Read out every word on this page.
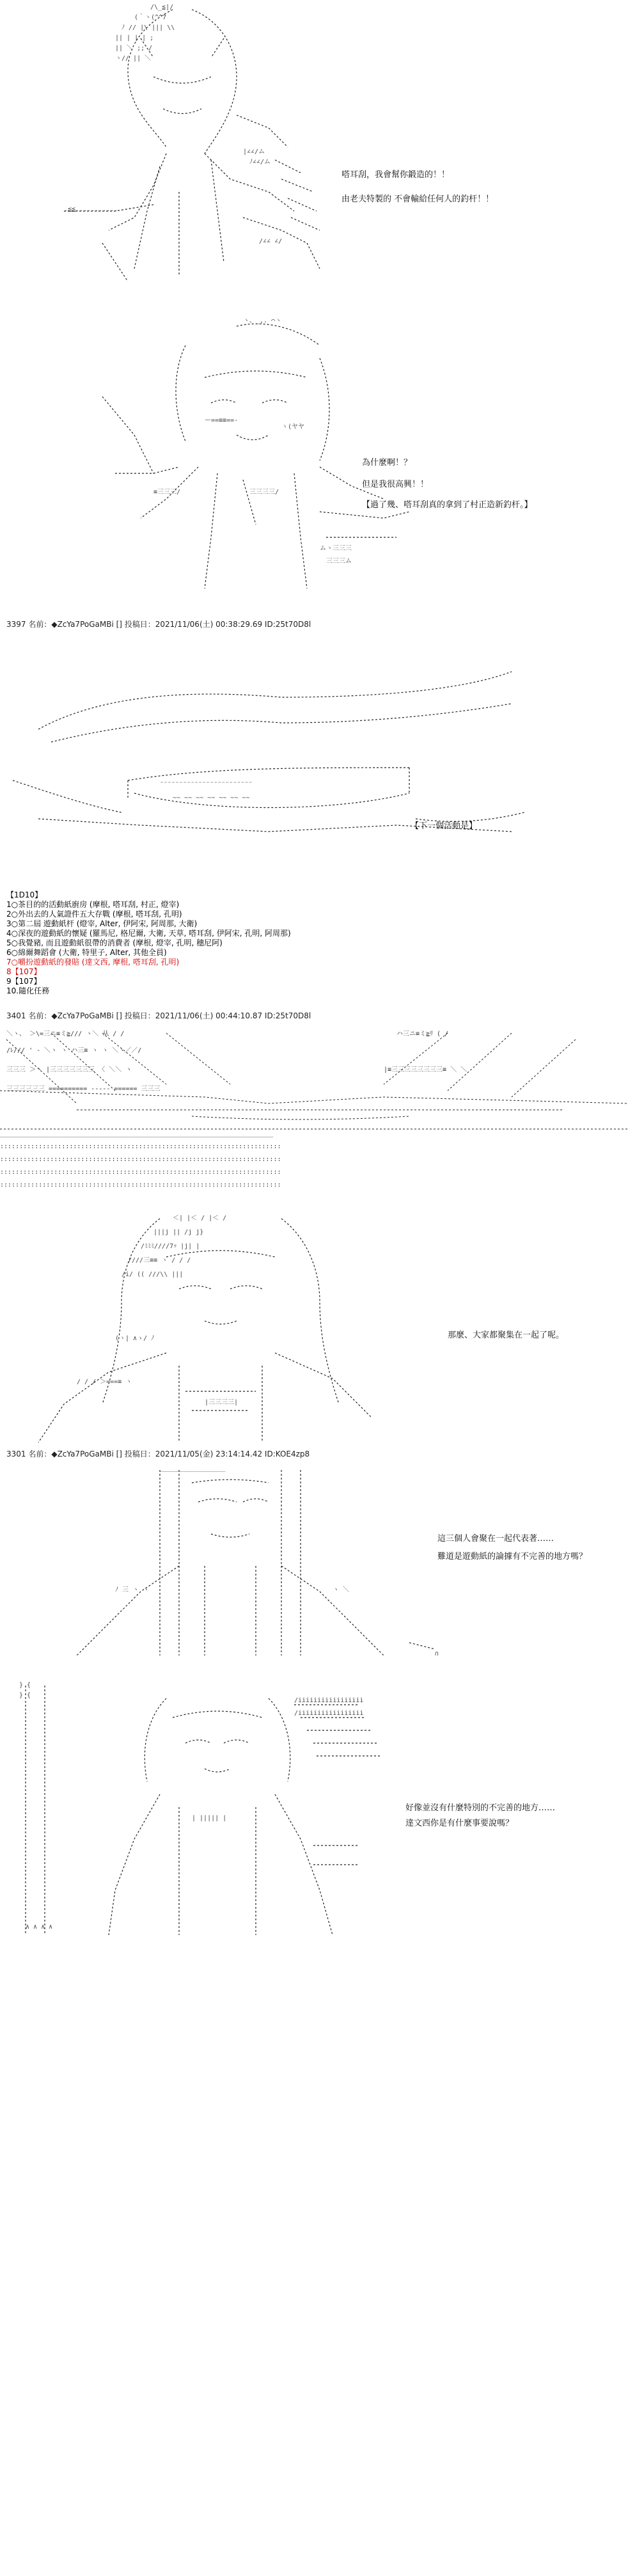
/\_≦|/
(｀ヽ(^^7
ﾉ // |\ ||| \\
|| | | | ;
|| ＼ ;; /
ヽ// || ＼
|∠∠/ム
ﾉ∠∠/ム
.≦≦...........
/∠∠ ∠/
嗒耳刮，我會幫你鍛造的！！
由老夫特製的 不會輸給任何人的釣杆！！
ヽ、_,. ⌒ヽ
ー==≡≡==-
ヽ(ヤヤ
≡三三三/	三三三三/
ムヽ三三三
三三三ム
為什麼啊！？
但是我很高興！！
【過了幾、嗒耳刮真的拿到了村正造新釣杆。】
3397 名前：◆ZcYa7PoGaMBi [] 投稿日：2021/11/06(土) 00:38:29.69 ID:25t70D8l
¨¨¨¨¨¨¨¨¨¨¨¨¨¨¨¨¨¨¨¨¨¨¨¨
~~ ~~ ~~ ~~ ~~ ~~ ~~
【下一個活動是】
【1D10】
1○茶目的的活動紙廚房 (摩根, 嗒耳刮, 村正, 燈宰)
2○外出去的人氣證件五大存戰 (摩根, 嗒耳刮, 孔明)
3○第二屆 遊動紙杆 (燈宰, Alter, 伊阿宋, 阿周那, 大衛)
4○深夜的遊動紙的懷疑 (羅馬尼, 格尼爾, 大衛, 天草, 嗒耳刮, 伊阿宋, 孔明, 阿周那)
5○我覺豬, 而且遊動紙很帶的消費者 (摩根, 燈宰, 孔明, 穗尼阿)
6○綿爾舞蹈會 (大衛, 特里子, Alter, 其他全員)
7○嚼扮遊動紙的發賠 (達文西, 摩根, 嗒耳刮, 孔明)
8【107】
9【107】
10.隨化任務
3401 名前：◆ZcYa7PoGaMBi [] 投稿日：2021/11/06(土) 00:44:10.87 ID:25t70D8l
＼ヽ、 ＞\=三ニ≡ミ≧/// ヽ＼ 从 / /	ハ三ニ≡ミ≧ﾘ ( /
/ﾚ/// ' - ＼ヽ ヽ ハ三≡ ヽ ヽ ＼ヽ／／/
三三三 ＞ヽ |三三三三三三三 〈 ＼＼ ヽ	|≡三三三三三三三三≡ ＼ ＼
三三三三三三 ========== ----- ====== 三三三
_______________________________________________________________________
:::::::::::::::::::::::::::::::::::::::::::::::::::::::::::::::::::::::::
:::::::::::::::::::::::::::::::::::::::::::::::::::::::::::::::::::::::::
:::::::::::::::::::::::::::::::::::::::::::::::::::::::::::::::::::::::::
:::::::::::::::::::::::::::::::::::::::::::::::::::::::::::::::::::::::::
＜| |＜ / |＜ /
|||j || /j j}
/ﾐﾐﾐ////7ｯ |j| |
////三≡≡ ヽ / / /
/i/ (( ///\\ |||
(ヽ| ∧ゝ/ ﾉ
/ / / ＞===≡ ヽ
|三三三三|
那麼、大家都聚集在一起了呢。
3301 名前：◆ZcYa7PoGaMBi [] 投稿日：2021/11/05(金) 23:14:14.42 ID:KOE4zp8
_________________
ﾉ 三 ヽ ヽ	ヽ ＼
∩
這三個人會聚在一起代表著……
難道是遊動紙的論據有不完善的地方嗎？
} {
} {
/iiiiiiiiiiiiiiiii
/iiiiiiiiiiiiiiiii
| ||||| |
∧ ∧ ∧ ∧
好像並沒有什麼特別的不完善的地方……
達文西你是有什麼事要說嗎？
